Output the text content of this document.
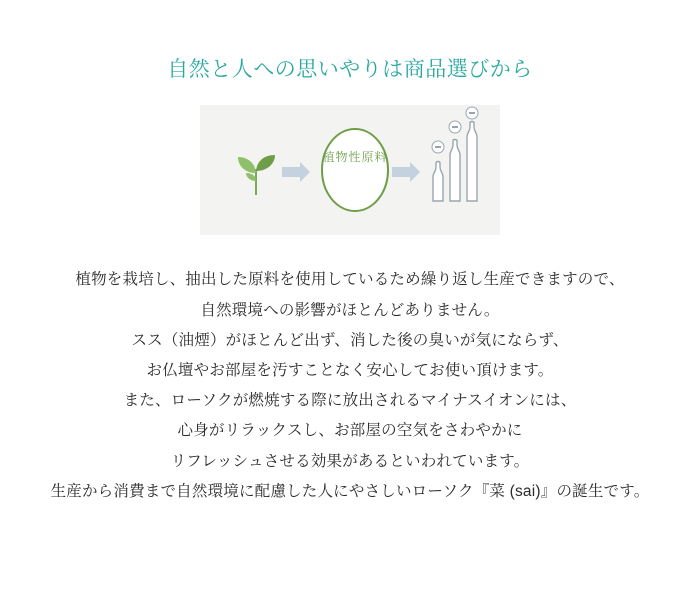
自然と人への思いやりは商品選びから
植物性原料

植物を栽培し、抽出した原料を使用しているため繰り返し生産できますので、

自然環境への影響がほとんどありません。

スス（油煙）がほとんど出ず、消した後の臭いが気にならず、

お仏壇やお部屋を汚すことなく安心してお使い頂けます。

また、ローソクが燃焼する際に放出されるマイナスイオンには、

心身がリラックスし、お部屋の空気をさわやかに

リフレッシュさせる効果があるといわれています。

生産から消費まで自然環境に配慮した人にやさしいローソク『菜 (sai)』の誕生です。
